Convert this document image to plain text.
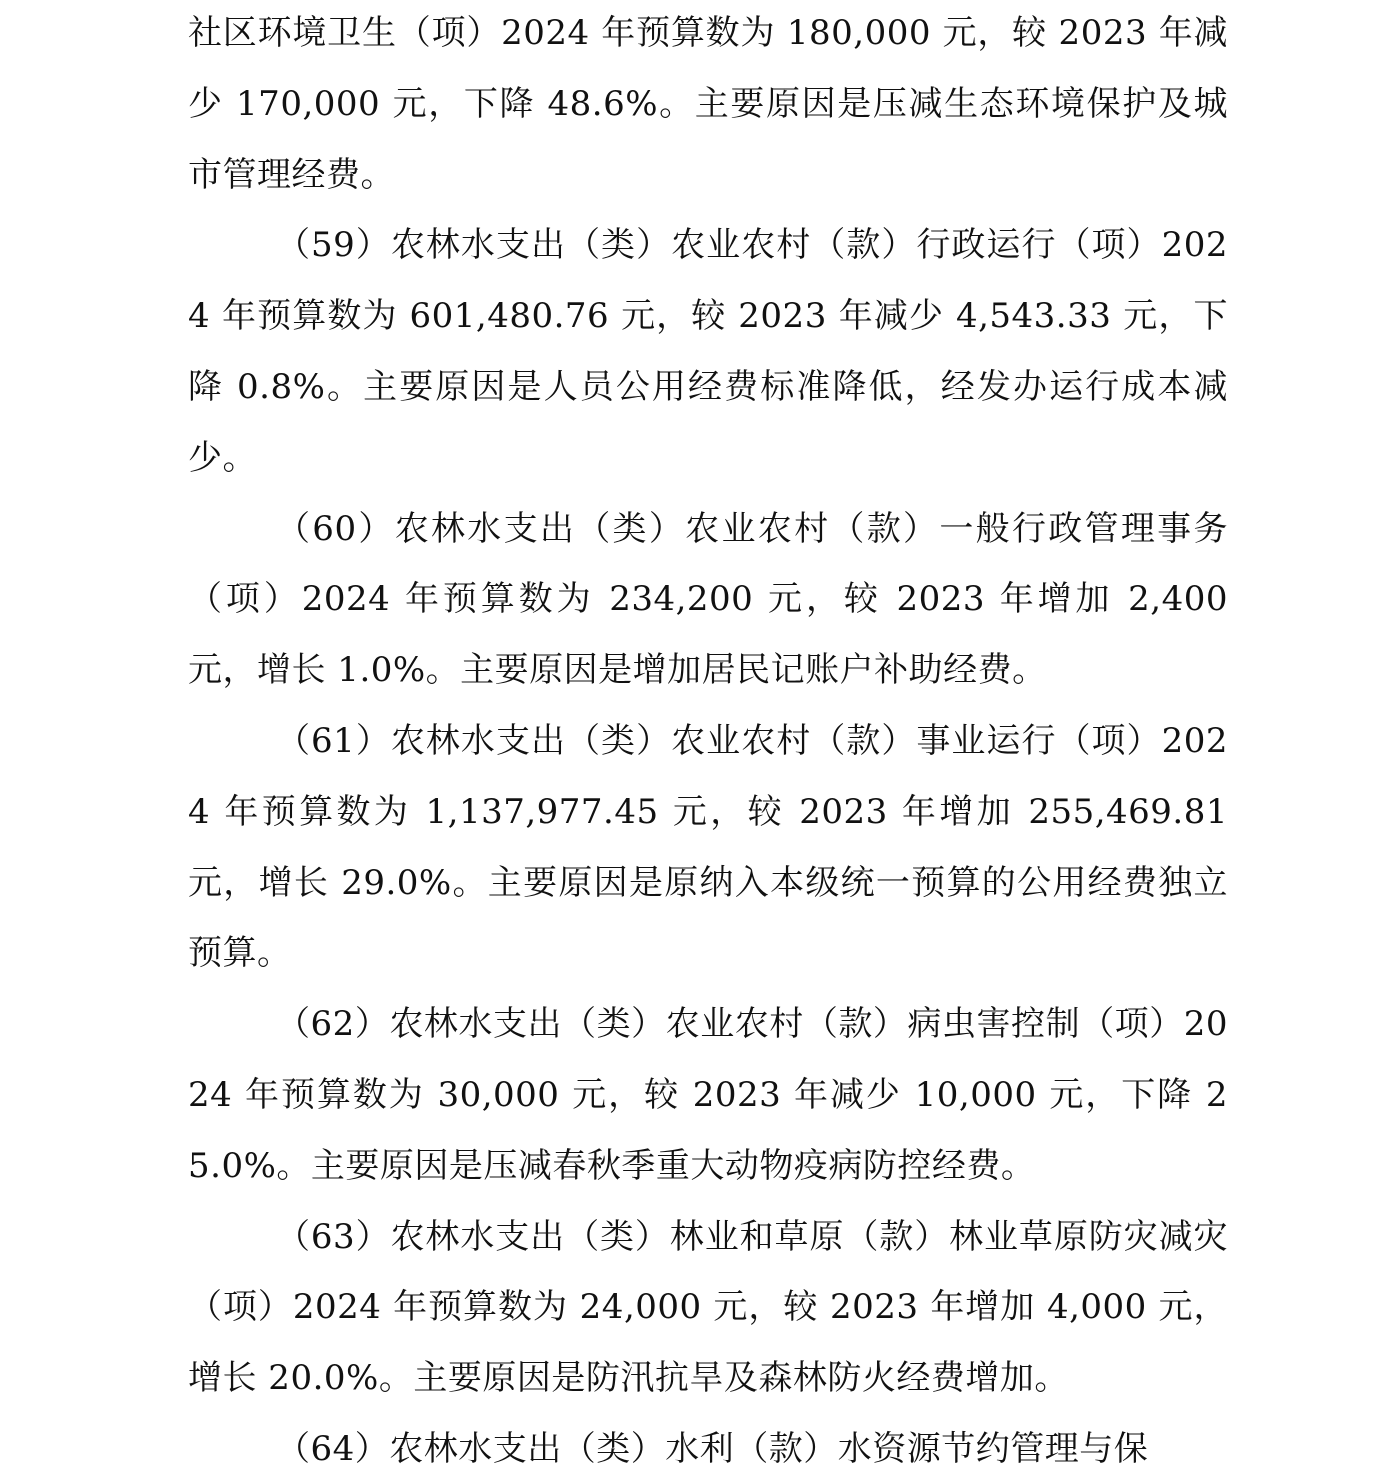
社区环境卫生（项）2024 年预算数为 180,000 元，较 2023 年减少 170,000 元，下降 48.6%。主要原因是压减生态环境保护及城市管理经费。

（59）农林水支出（类）农业农村（款）行政运行（项）2024 年预算数为 601,480.76 元，较 2023 年减少 4,543.33 元，下降 0.8%。主要原因是人员公用经费标准降低，经发办运行成本减少。

（60）农林水支出（类）农业农村（款）一般行政管理事务（项）2024 年预算数为 234,200 元，较 2023 年增加 2,400 元，增长 1.0%。主要原因是增加居民记账户补助经费。

（61）农林水支出（类）农业农村（款）事业运行（项）2024 年预算数为 1,137,977.45 元，较 2023 年增加 255,469.81 元，增长 29.0%。主要原因是原纳入本级统一预算的公用经费独立预算。

（62）农林水支出（类）农业农村（款）病虫害控制（项）2024 年预算数为 30,000 元，较 2023 年减少 10,000 元，下降 25.0%。主要原因是压减春秋季重大动物疫病防控经费。

（63）农林水支出（类）林业和草原（款）林业草原防灾减灾（项）2024 年预算数为 24,000 元，较 2023 年增加 4,000 元，增长 20.0%。主要原因是防汛抗旱及森林防火经费增加。

（64）农林水支出（类）水利（款）水资源节约管理与保
